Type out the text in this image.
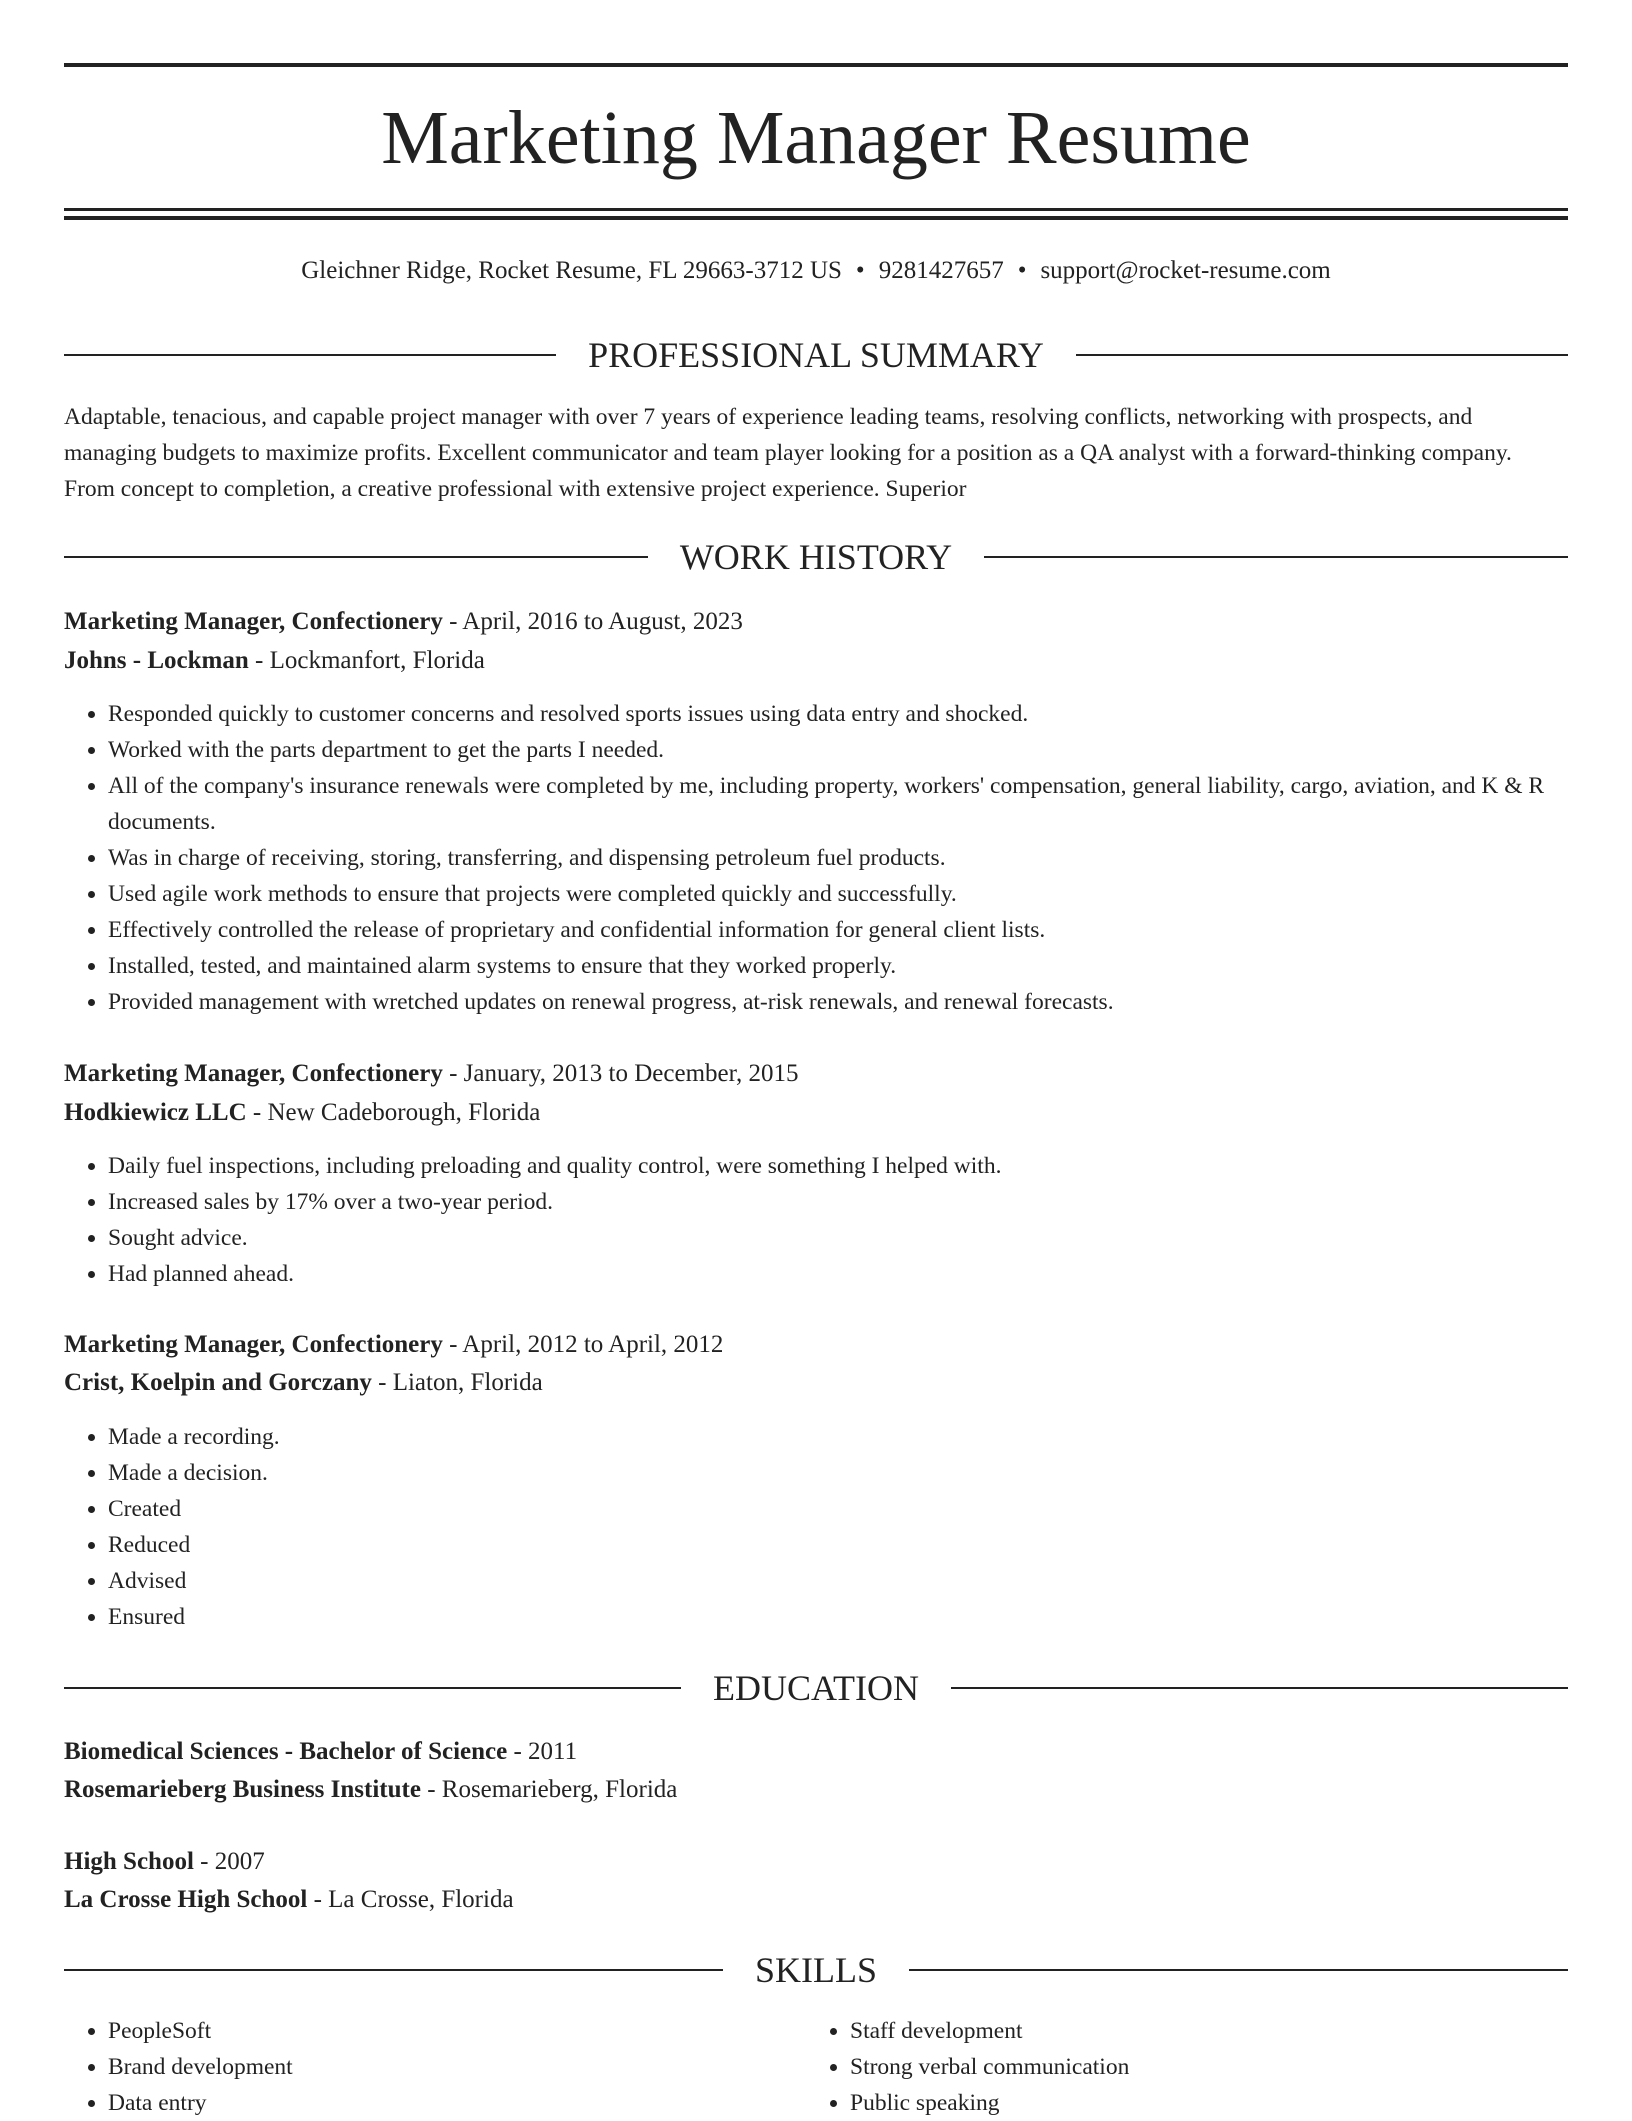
Marketing Manager Resume
Gleichner Ridge, Rocket Resume, FL 29663-3712 US • 9281427657 • support@rocket-resume.com
PROFESSIONAL SUMMARY
Adaptable, tenacious, and capable project manager with over 7 years of experience leading teams, resolving conflicts, networking with prospects, and managing budgets to maximize profits. Excellent communicator and team player looking for a position as a QA analyst with a forward-thinking company. From concept to completion, a creative professional with extensive project experience. Superior
WORK HISTORY
Marketing Manager, Confectionery - April, 2016 to August, 2023
Johns - Lockman - Lockmanfort, Florida
• Responded quickly to customer concerns and resolved sports issues using data entry and shocked.
• Worked with the parts department to get the parts I needed.
• All of the company's insurance renewals were completed by me, including property, workers' compensation, general liability, cargo, aviation, and K & R documents.
• Was in charge of receiving, storing, transferring, and dispensing petroleum fuel products.
• Used agile work methods to ensure that projects were completed quickly and successfully.
• Effectively controlled the release of proprietary and confidential information for general client lists.
• Installed, tested, and maintained alarm systems to ensure that they worked properly.
• Provided management with wretched updates on renewal progress, at-risk renewals, and renewal forecasts.
Marketing Manager, Confectionery - January, 2013 to December, 2015
Hodkiewicz LLC - New Cadeborough, Florida
• Daily fuel inspections, including preloading and quality control, were something I helped with.
• Increased sales by 17% over a two-year period.
• Sought advice.
• Had planned ahead.
Marketing Manager, Confectionery - April, 2012 to April, 2012
Crist, Koelpin and Gorczany - Liaton, Florida
• Made a recording.
• Made a decision.
• Created
• Reduced
• Advised
• Ensured
EDUCATION
Biomedical Sciences - Bachelor of Science - 2011
Rosemarieberg Business Institute - Rosemarieberg, Florida
High School - 2007
La Crosse High School - La Crosse, Florida
SKILLS
• PeopleSoft
• Brand development
• Data entry
• Staff development
• Strong verbal communication
• Public speaking
